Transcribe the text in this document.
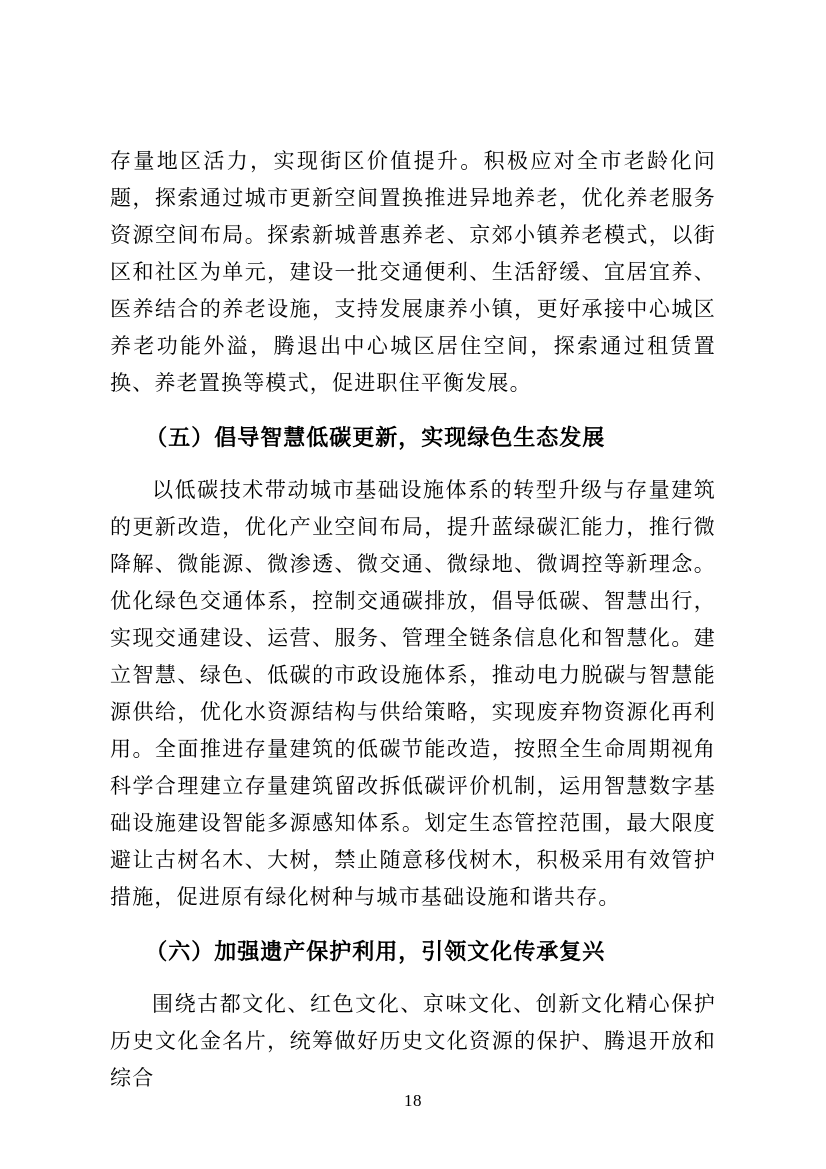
存量地区活力，实现街区价值提升。积极应对全市老龄化问题，探索通过城市更新空间置换推进异地养老，优化养老服务资源空间布局。探索新城普惠养老、京郊小镇养老模式，以街区和社区为单元，建设一批交通便利、生活舒缓、宜居宜养、医养结合的养老设施，支持发展康养小镇，更好承接中心城区养老功能外溢，腾退出中心城区居住空间，探索通过租赁置换、养老置换等模式，促进职住平衡发展。

（五）倡导智慧低碳更新，实现绿色生态发展

以低碳技术带动城市基础设施体系的转型升级与存量建筑的更新改造，优化产业空间布局，提升蓝绿碳汇能力，推行微降解、微能源、微渗透、微交通、微绿地、微调控等新理念。优化绿色交通体系，控制交通碳排放，倡导低碳、智慧出行，实现交通建设、运营、服务、管理全链条信息化和智慧化。建立智慧、绿色、低碳的市政设施体系，推动电力脱碳与智慧能源供给，优化水资源结构与供给策略，实现废弃物资源化再利用。全面推进存量建筑的低碳节能改造，按照全生命周期视角科学合理建立存量建筑留改拆低碳评价机制，运用智慧数字基础设施建设智能多源感知体系。划定生态管控范围，最大限度避让古树名木、大树，禁止随意移伐树木，积极采用有效管护措施，促进原有绿化树种与城市基础设施和谐共存。

（六）加强遗产保护利用，引领文化传承复兴

围绕古都文化、红色文化、京味文化、创新文化精心保护历史文化金名片，统筹做好历史文化资源的保护、腾退开放和综合

18
